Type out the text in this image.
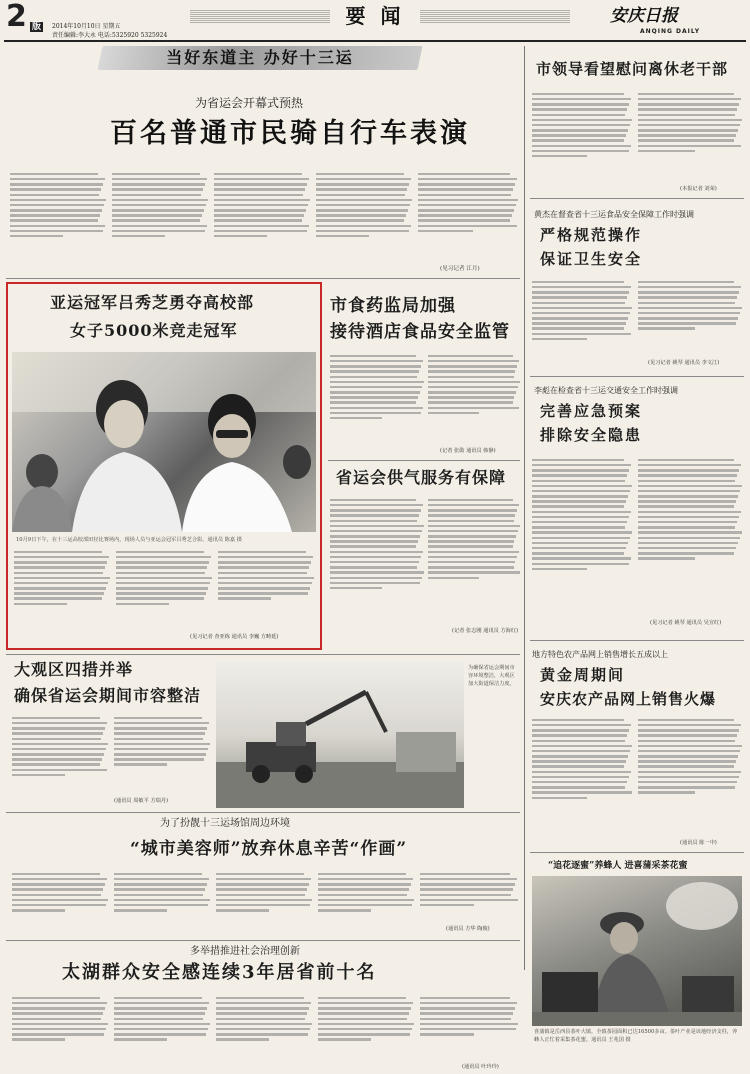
2 版	2014年10月10日 星期五
责任编辑:李大永 电话:5325920 5325924
要 闻	安庆日报
ANQING DAILY
当好东道主 办好十三运
为省运会开幕式预热
百名普通市民骑自行车表演
(见习记者 江月)
亚运冠军吕秀芝勇夺高校部
女子5000米竞走冠军
10月9日下午，在十三运高校部田径比赛场内，现场人员与亚运会冠军吕秀芝合影。通讯员 陈嘉 摄
(见习记者 查亚栋 通讯员 李巍 方畴延)
市食药监局加强
接待酒店食品安全监管
(记者 张勋 通讯员 韩静)
省运会供气服务有保障
(记者 张志刚 通讯员 方海红)
市领导看望慰问离休老干部
(本报记者 刘荣)
黄杰在督查省十三运食品安全保障工作时强调
严格规范操作
保证卫生安全
(见习记者 姚琴 通讯员 李文江)
李彪在检查省十三运交通安全工作时强调
完善应急预案
排除安全隐患
(见习记者 姚琴 通讯员 吴宣红)
地方特色农产品网上销售增长五成以上
黄金周期间
安庆农产品网上销售火爆
(通讯员 陈一中)
“追花逐蜜”养蜂人 进喜蒲采茶花蜜
喜蒲镇是岳西县茶叶大镇，全镇茶园面积已达16500多亩。茶叶产业是该地经济支柱，养蜂人正忙着采集茶花蜜。通讯员 王兆国 摄
大观区四措并举
确保省运会期间市容整洁
(通讯员 周敏平 方瑞丹)
为确保省运会期间市容环境整洁，大观区加大街道保洁力度。
为了扮靓十三运场馆周边环境
“城市美容师”放弃休息辛苦“作画”
(通讯员 方华 陶俊)
多举措推进社会治理创新
太湖群众安全感连续3年居省前十名
(通讯员 叶玲玲)
